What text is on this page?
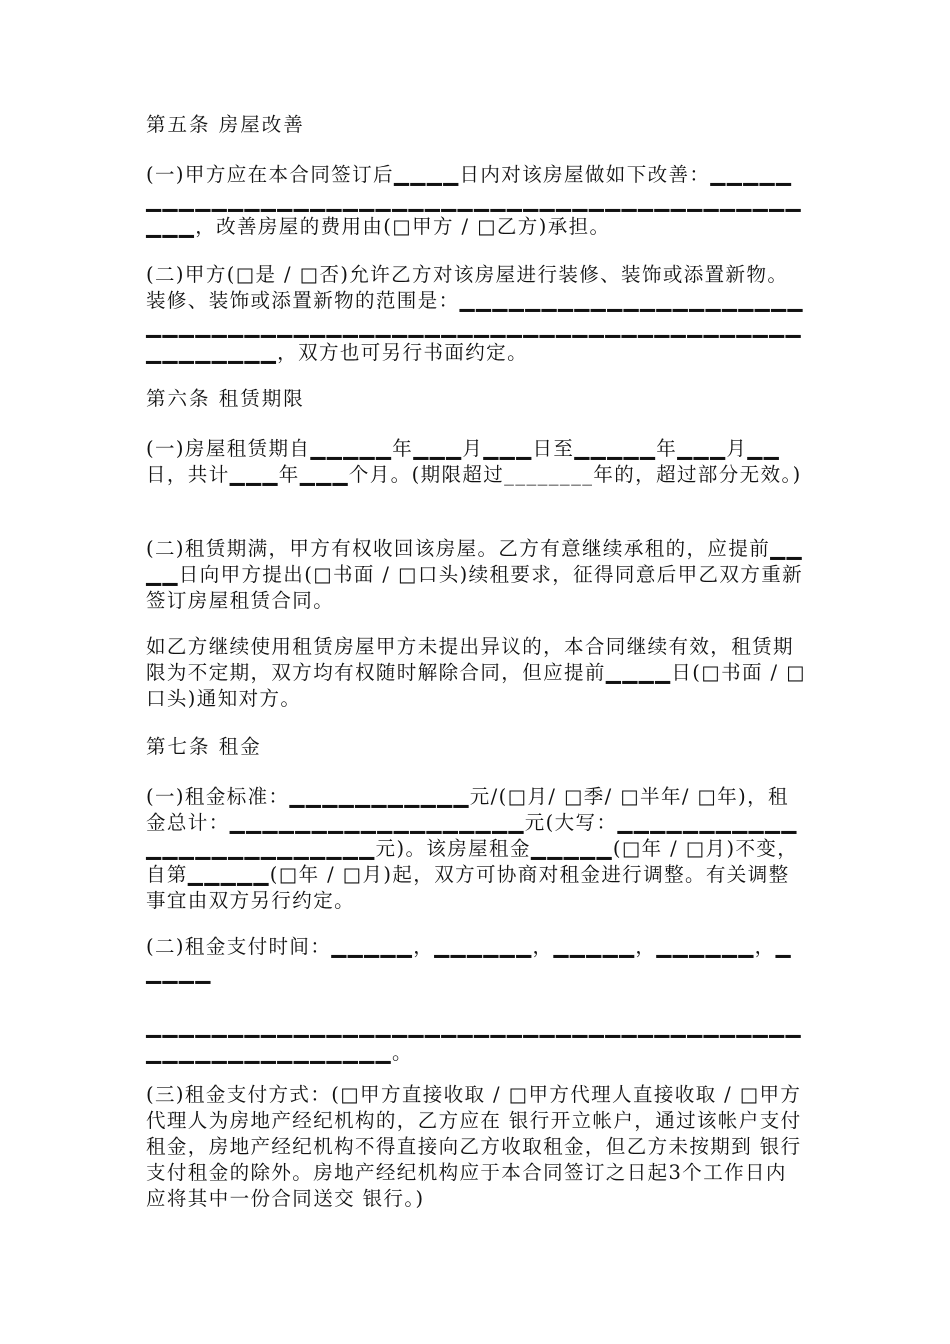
第五条 房屋改善
(一)甲方应在本合同签订后▁▁▁▁日内对该房屋做如下改善：▁▁▁▁▁▁▁▁▁▁▁▁▁▁▁▁▁▁▁▁▁▁▁▁▁▁▁▁▁▁▁▁▁▁▁▁▁▁▁▁▁▁▁▁▁▁▁▁，改善房屋的费用由(□甲方 / □乙方)承担。
(二)甲方(□是 / □否)允许乙方对该房屋进行装修、装饰或添置新物。装修、装饰或添置新物的范围是：▁▁▁▁▁▁▁▁▁▁▁▁▁▁▁▁▁▁▁▁▁▁▁▁▁▁▁▁▁▁▁▁▁▁▁▁▁▁▁▁▁▁▁▁▁▁▁▁▁▁▁▁▁▁▁▁▁▁▁▁▁▁▁▁▁▁▁▁▁，双方也可另行书面约定。
第六条 租赁期限
(一)房屋租赁期自▁▁▁▁▁年▁▁▁月▁▁▁日至▁▁▁▁▁年▁▁▁月▁▁日，共计▁▁▁年▁▁▁个月。(期限超过________年的，超过部分无效。)
(二)租赁期满，甲方有权收回该房屋。乙方有意继续承租的，应提前▁▁▁▁日向甲方提出(□书面 / □口头)续租要求，征得同意后甲乙双方重新签订房屋租赁合同。
如乙方继续使用租赁房屋甲方未提出异议的，本合同继续有效，租赁期限为不定期，双方均有权随时解除合同，但应提前▁▁▁▁日(□书面 / □口头)通知对方。
第七条 租金
(一)租金标准：▁▁▁▁▁▁▁▁▁▁▁元/(□月/ □季/ □半年/ □年)，租金总计：▁▁▁▁▁▁▁▁▁▁▁▁▁▁▁▁▁▁元(大写：▁▁▁▁▁▁▁▁▁▁▁▁▁▁▁▁▁▁▁▁▁▁▁▁▁元)。该房屋租金▁▁▁▁▁(□年 / □月)不变，自第▁▁▁▁▁(□年 / □月)起，双方可协商对租金进行调整。有关调整事宜由双方另行约定。
(二)租金支付时间：▁▁▁▁▁，▁▁▁▁▁▁，▁▁▁▁▁，▁▁▁▁▁▁，▁▁▁▁▁
▁▁▁▁▁▁▁▁▁▁▁▁▁▁▁▁▁▁▁▁▁▁▁▁▁▁▁▁▁▁▁▁▁▁▁▁▁▁▁▁▁▁▁▁▁▁▁▁▁▁▁▁▁▁▁。
(三)租金支付方式：(□甲方直接收取 / □甲方代理人直接收取 / □甲方代理人为房地产经纪机构的，乙方应在 银行开立帐户，通过该帐户支付租金，房地产经纪机构不得直接向乙方收取租金，但乙方未按期到 银行支付租金的除外。房地产经纪机构应于本合同签订之日起3个工作日内应将其中一份合同送交 银行。)
